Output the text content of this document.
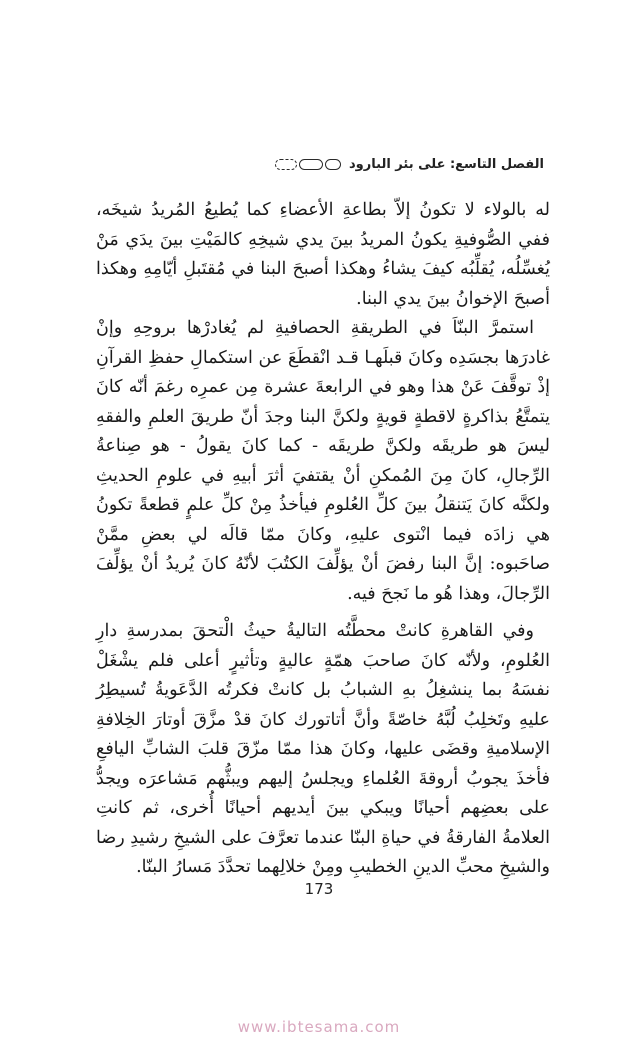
الفصل التاسع: على بئر البارود

له بالولاء لا تكونُ إلاّ بطاعةِ الأعضاءِ كما يُطيعُ المُريدُ شيخَه، ففي الصُّوفيةِ يكونُ المريدُ بينَ يدي شيخِهِ كالمَيْتِ بينَ يدَي مَنْ يُغسِّلُه، يُقلِّبُه كيفَ يشاءُ وهكذا أصبحَ البنا في مُقتَبلِ أيّامِهِ وهكذا أصبحَ الإخوانُ بينَ يدي البنا.

استمرَّ البنّاَ في الطريقةِ الحصافيةِ لم يُغادرْها بروحِهِ وإنْ غادرَها بجسَدِه وكانَ قبلَهـا قـد انْقطَعَ عن استكمالِ حفظِ القرآنِ إذْ توقَّفَ عَنْ هذا وهو في الرابعةَ عشرة مِن عمرِه رغمَ أنّه كانَ يتمتَّعُ بذاكرةٍ لاقطةٍ قويةٍ ولكنَّ البنا وجدَ أنّ طريقَ العلمِ والفقهِ ليسَ هو طريقَه ولكنَّ طريقَه - كما كانَ يقولُ - هو صِناعةُ الرِّجالِ، كانَ مِنَ المُمكنِ أنْ يقتفيَ أثرَ أبيهِ في علومِ الحديثِ ولكنَّه كانَ يَتنقلُ بينَ كلِّ العُلومِ فيأخذُ مِنْ كلِّ علمٍ قطعةً تكونُ هي زادَه فيما انْتوى عليهِ، وكانَ ممّا قالَه لي بعضِ ممَّنْ صاحَبوه: إنَّ البنا رفضَ أنْ يؤلِّفَ الكتُبَ لأنّهُ كانَ يُريدُ أنْ يؤلِّفَ الرِّجالَ، وهذا هُو ما نَجحَ فيه.

وفي القاهرةِ كانتْ محطَّتُه التاليةُ حيثُ الْتحقَ بمدرسةِ دارِ العُلومِ، ولأنّه كانَ صاحبَ همّةٍ عاليةٍ وتأثيرٍ أعلى فلم يشْغَلْ نفسَهُ بما ينشغِلُ بهِ الشبابُ بل كانتْ فكرتُه الدَّعَويةُ تُسيطِرُ عليهِ وتَخلِبُ لُبَّهُ خاصّةً وأنَّ أتاتورك كانَ قدْ مزَّقَ أوتارَ الخِلافةِ الإسلاميةِ وقضَى عليها، وكانَ هذا ممّا مزّقَ قلبَ الشابِّ اليافعِ فأخذَ يجوبُ أروقةَ العُلماءِ ويجلسُ إليهم ويبثُّهم مَشاعرَه ويجدُّ على بعضِهم أحيانًا ويبكي بينَ أيديهم أحيانًا أُخرى، ثم كانتِ العلامةُ الفارقةُ في حياةِ البنّا عندما تعرَّفَ على الشيخِ رشيدِ رضا والشيخِ محبِّ الدينِ الخطيبِ ومِنْ خلالِهما تحدَّدَ مَسارُ البنّا.

173
www.ibtesama.com
